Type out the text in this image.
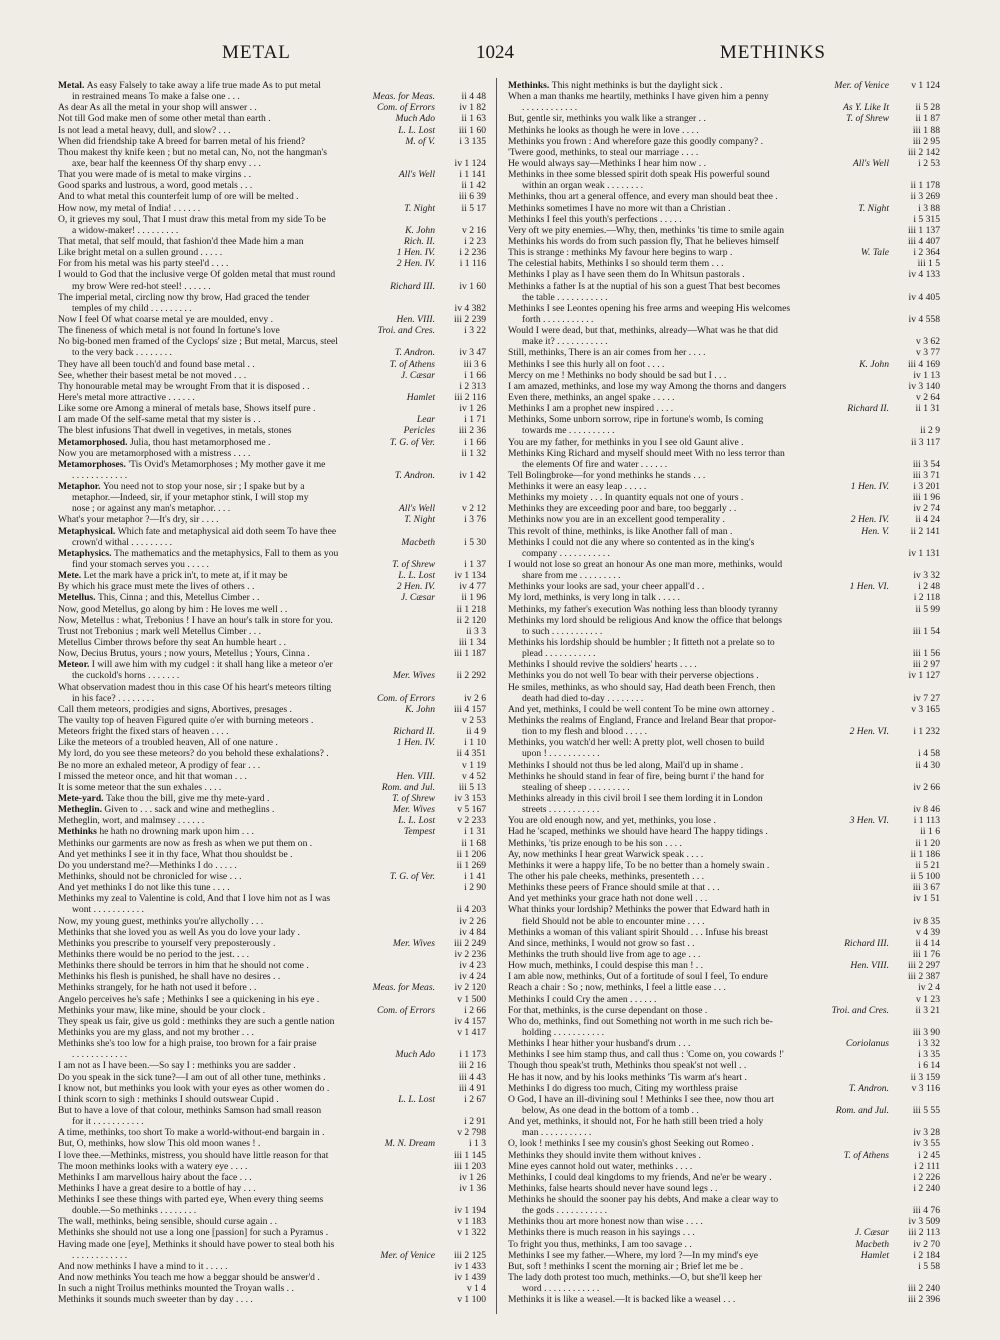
METAL	1024	METHINKS
Metal. As easy Falsely to take away a life true made As to put metal
in restrained means To make a false one . . .	Meas. for Meas.	ii 4 48
As dear As all the metal in your shop will answer . .	Com. of Errors	iv 1 82
Not till God make men of some other metal than earth .	Much Ado	ii 1 63
Is not lead a metal heavy, dull, and slow? . . .	L. L. Lost	iii 1 60
When did friendship take A breed for barren metal of his friend?	M. of V.	i 3 135
Thou makest thy knife keen ; but no metal can, No, not the hangman's
axe, bear half the keenness Of thy sharp envy . . .	iv 1 124
That you were made of is metal to make virgins . .	All's Well	i 1 141
Good sparks and lustrous, a word, good metals . . .	ii 1 42
And to what metal this counterfeit lump of ore will be melted .	iii 6 39
How now, my metal of India! . . . . . .	T. Night	ii 5 17
O, it grieves my soul, That I must draw this metal from my side To be
a widow-maker! . . . . . . . . .	K. John	v 2 16
That metal, that self mould, that fashion'd thee Made him a man	Rich. II.	i 2 23
Like bright metal on a sullen ground . . . . .	1 Hen. IV.	i 2 236
For from his metal was his party steel'd . . . .	2 Hen. IV.	i 1 116
I would to God that the inclusive verge Of golden metal that must round
my brow Were red-hot steel! . . . . . .	Richard III.	iv 1 60
The imperial metal, circling now thy brow, Had graced the tender
temples of my child . . . . . . . . .	iv 4 382
Now I feel Of what coarse metal ye are moulded, envy .	Hen. VIII.	iii 2 239
The fineness of which metal is not found In fortune's love	Troi. and Cres.	i 3 22
No big-boned men framed of the Cyclops' size ; But metal, Marcus, steel
to the very back . . . . . . . .	T. Andron.	iv 3 47
They have all been touch'd and found base metal . .	T. of Athens	iii 3 6
See, whether their basest metal be not moved . . .	J. Cæsar	i 1 66
Thy honourable metal may be wrought From that it is disposed . .	i 2 313
Here's metal more attractive . . . . . .	Hamlet	iii 2 116
Like some ore Among a mineral of metals base, Shows itself pure .	iv 1 26
I am made Of the self-same metal that my sister is . .	Lear	i 1 71
The blest infusions That dwell in vegetives, in metals, stones	Pericles	iii 2 36
Metamorphosed. Julia, thou hast metamorphosed me .	T. G. of Ver.	i 1 66
Now you are metamorphosed with a mistress . . . .	ii 1 32
Metamorphoses. 'Tis Ovid's Metamorphoses ; My mother gave it me
. . . . . . . . . . . .	T. Andron.	iv 1 42
Metaphor. You need not to stop your nose, sir ; I spake but by a
metaphor.—Indeed, sir, if your metaphor stink, I will stop my
nose ; or against any man's metaphor. . . .	All's Well	v 2 12
What's your metaphor ?—It's dry, sir . . . .	T. Night	i 3 76
Metaphysical. Which fate and metaphysical aid doth seem To have thee
crown'd withal . . . . . . . . .	Macbeth	i 5 30
Metaphysics. The mathematics and the metaphysics, Fall to them as you
find your stomach serves you . . . . .	T. of Shrew	i 1 37
Mete. Let the mark have a prick in't, to mete at, if it may be	L. L. Lost	iv 1 134
By which his grace must mete the lives of others . .	2 Hen. IV.	iv 4 77
Metellus. This, Cinna ; and this, Metellus Cimber . .	J. Cæsar	ii 1 96
Now, good Metellus, go along by him : He loves me well . .	ii 1 218
Now, Metellus : what, Trebonius ! I have an hour's talk in store for you.	ii 2 120
Trust not Trebonius ; mark well Metellus Cimber . . .	ii 3 3
Metellus Cimber throws before thy seat An humble heart . .	iii 1 34
Now, Decius Brutus, yours ; now yours, Metellus ; Yours, Cinna .	iii 1 187
Meteor. I will awe him with my cudgel : it shall hang like a meteor o'er
the cuckold's horns . . . . . . .	Mer. Wives	ii 2 292
What observation madest thou in this case Of his heart's meteors tilting
in his face? . . . . . . . .	Com. of Errors	iv 2 6
Call them meteors, prodigies and signs, Abortives, presages .	K. John	iii 4 157
The vaulty top of heaven Figured quite o'er with burning meteors .	v 2 53
Meteors fright the fixed stars of heaven . . . .	Richard II.	ii 4 9
Like the meteors of a troubled heaven, All of one nature .	1 Hen. IV.	i 1 10
My lord, do you see these meteors? do you behold these exhalations? .	ii 4 351
Be no more an exhaled meteor, A prodigy of fear . . .	v 1 19
I missed the meteor once, and hit that woman . . .	Hen. VIII.	v 4 52
It is some meteor that the sun exhales . . . .	Rom. and Jul.	iii 5 13
Mete-yard. Take thou the bill, give me thy mete-yard .	T. of Shrew	iv 3 153
Metheglin. Given to . . . sack and wine and metheglins .	Mer. Wives	v 5 167
Metheglin, wort, and malmsey . . . . . .	L. L. Lost	v 2 233
Methinks he hath no drowning mark upon him . . .	Tempest	i 1 31
Methinks our garments are now as fresh as when we put them on .	ii 1 68
And yet methinks I see it in thy face, What thou shouldst be .	ii 1 206
Do you understand me?—Methinks I do . . . . .	ii 1 269
Methinks, should not be chronicled for wise . . .	T. G. of Ver.	i 1 41
And yet methinks I do not like this tune . . . .	i 2 90
Methinks my zeal to Valentine is cold, And that I love him not as I was
wont . . . . . . . . . . .	ii 4 203
Now, my young guest, methinks you're allycholly . . .	iv 2 26
Methinks that she loved you as well As you do love your lady .	iv 4 84
Methinks you prescribe to yourself very preposterously .	Mer. Wives	iii 2 249
Methinks there would be no period to the jest. . . .	iv 2 236
Methinks there should be terrors in him that he should not come .	iv 4 23
Methinks his flesh is punished, he shall have no desires . .	iv 4 24
Methinks strangely, for he hath not used it before . .	Meas. for Meas.	iv 2 120
Angelo perceives he's safe ; Methinks I see a quickening in his eye .	v 1 500
Methinks your maw, like mine, should be your clock .	Com. of Errors	i 2 66
They speak us fair, give us gold : methinks they are such a gentle nation	iv 4 157
Methinks you are my glass, and not my brother . . .	v 1 417
Methinks she's too low for a high praise, too brown for a fair praise
. . . . . . . . . . . .	Much Ado	i 1 173
I am not as I have been.—So say I : methinks you are sadder .	iii 2 16
Do you speak in the sick tune?—I am out of all other tune, methinks .	iii 4 43
I know not, but methinks you look with your eyes as other women do .	iii 4 91
I think scorn to sigh : methinks I should outswear Cupid .	L. L. Lost	i 2 67
But to have a love of that colour, methinks Samson had small reason
for it . . . . . . . . . . .	i 2 91
A time, methinks, too short To make a world-without-end bargain in .	v 2 798
But, O, methinks, how slow This old moon wanes ! .	M. N. Dream	i 1 3
I love thee.—Methinks, mistress, you should have little reason for that	iii 1 145
The moon methinks looks with a watery eye . . . .	iii 1 203
Methinks I am marvellous hairy about the face . . .	iv 1 26
Methinks I have a great desire to a bottle of hay . . .	iv 1 36
Methinks I see these things with parted eye, When every thing seems
double.—So methinks . . . . . . . .	iv 1 194
The wall, methinks, being sensible, should curse again . .	v 1 183
Methinks she should not use a long one [passion] for such a Pyramus .	v 1 322
Having made one [eye], Methinks it should have power to steal both his
. . . . . . . . . . . .	Mer. of Venice	iii 2 125
And now methinks I have a mind to it . . . . .	iv 1 433
And now methinks You teach me how a beggar should be answer'd .	iv 1 439
In such a night Troilus methinks mounted the Troyan walls . .	v 1 4
Methinks it sounds much sweeter than by day . . . .	v 1 100
Methinks. This night methinks is but the daylight sick .	Mer. of Venice	v 1 124
When a man thanks me heartily, methinks I have given him a penny
. . . . . . . . . . . .	As Y. Like It	ii 5 28
But, gentle sir, methinks you walk like a stranger . .	T. of Shrew	ii 1 87
Methinks he looks as though he were in love . . . .	iii 1 88
Methinks you frown : And wherefore gaze this goodly company? .	iii 2 95
'Twere good, methinks, to steal our marriage . . . .	iii 2 142
He would always say—Methinks I hear him now . .	All's Well	i 2 53
Methinks in thee some blessed spirit doth speak His powerful sound
within an organ weak . . . . . . . .	ii 1 178
Methinks, thou art a general offence, and every man should beat thee .	ii 3 269
Methinks sometimes I have no more wit than a Christian .	T. Night	i 3 88
Methinks I feel this youth's perfections . . . . .	i 5 315
Very oft we pity enemies.—Why, then, methinks 'tis time to smile again	iii 1 137
Methinks his words do from such passion fly, That he believes himself	iii 4 407
This is strange : methinks My favour here begins to warp .	W. Tale	i 2 364
The celestial habits, Methinks I so should term them . . .	iii 1 5
Methinks I play as I have seen them do In Whitsun pastorals .	iv 4 133
Methinks a father Is at the nuptial of his son a guest That best becomes
the table . . . . . . . . . . .	iv 4 405
Methinks I see Leontes opening his free arms and weeping His welcomes
forth . . . . . . . . . . .	iv 4 558
Would I were dead, but that, methinks, already—What was he that did
make it? . . . . . . . . . . .	v 3 62
Still, methinks, There is an air comes from her . . . .	v 3 77
Methinks I see this hurly all on foot . . . .	K. John	iii 4 169
Mercy on me ! Methinks no body should be sad but I . . .	iv 1 13
I am amazed, methinks, and lose my way Among the thorns and dangers	iv 3 140
Even there, methinks, an angel spake . . . . .	v 2 64
Methinks I am a prophet new inspired . . . .	Richard II.	ii 1 31
Methinks, Some unborn sorrow, ripe in fortune's womb, Is coming
towards me . . . . . . . . . .	ii 2 9
You are my father, for methinks in you I see old Gaunt alive .	ii 3 117
Methinks King Richard and myself should meet With no less terror than
the elements Of fire and water . . . . . .	iii 3 54
Tell Bolingbroke—for yond methinks he stands . . .	iii 3 71
Methinks it were an easy leap . . . . .	1 Hen. IV.	i 3 201
Methinks my moiety . . . In quantity equals not one of yours .	iii 1 96
Methinks they are exceeding poor and bare, too beggarly . .	iv 2 74
Methinks now you are in an excellent good temperality .	2 Hen. IV.	ii 4 24
This revolt of thine, methinks, is like Another fall of man .	Hen. V.	ii 2 141
Methinks I could not die any where so contented as in the king's
company . . . . . . . . . . .	iv 1 131
I would not lose so great an honour As one man more, methinks, would
share from me . . . . . . . . .	iv 3 32
Methinks your looks are sad, your cheer appall'd . .	1 Hen. VI.	i 2 48
My lord, methinks, is very long in talk . . . . .	i 2 118
Methinks, my father's execution Was nothing less than bloody tyranny	ii 5 99
Methinks my lord should be religious And know the office that belongs
to such . . . . . . . . . . .	iii 1 54
Methinks his lordship should be humbler ; It fitteth not a prelate so to
plead . . . . . . . . . . .	iii 1 56
Methinks I should revive the soldiers' hearts . . . .	iii 2 97
Methinks you do not well To bear with their perverse objections .	iv 1 127
He smiles, methinks, as who should say, Had death been French, then
death had died to-day . . . . . . . .	iv 7 27
And yet, methinks, I could be well content To be mine own attorney .	v 3 165
Methinks the realms of England, France and Ireland Bear that propor-
tion to my flesh and blood . . . . .	2 Hen. VI.	i 1 232
Methinks, you watch'd her well: A pretty plot, well chosen to build
upon ! . . . . . . . . . . .	i 4 58
Methinks I should not thus be led along, Mail'd up in shame .	ii 4 30
Methinks he should stand in fear of fire, being burnt i' the hand for
stealing of sheep . . . . . . . . .	iv 2 66
Methinks already in this civil broil I see them lording it in London
streets . . . . . . . . . . .	iv 8 46
You are old enough now, and yet, methinks, you lose .	3 Hen. VI.	i 1 113
Had he 'scaped, methinks we should have heard The happy tidings .	ii 1 6
Methinks, 'tis prize enough to be his son . . . .	ii 1 20
Ay, now methinks I hear great Warwick speak . . . .	ii 1 186
Methinks it were a happy life, To be no better than a homely swain .	ii 5 21
The other his pale cheeks, methinks, presenteth . . .	ii 5 100
Methinks these peers of France should smile at that . . .	iii 3 67
And yet methinks your grace hath not done well . . .	iv 1 51
What thinks your lordship? Methinks the power that Edward hath in
field Should not be able to encounter mine . . . .	iv 8 35
Methinks a woman of this valiant spirit Should . . . Infuse his breast	v 4 39
And since, methinks, I would not grow so fast . .	Richard III.	ii 4 14
Methinks the truth should live from age to age . . .	iii 1 76
How much, methinks, I could despise this man ! . .	Hen. VIII.	iii 2 297
I am able now, methinks, Out of a fortitude of soul I feel, To endure	iii 2 387
Reach a chair : So ; now, methinks, I feel a little ease . . .	iv 2 4
Methinks I could Cry the amen . . . . . .	v 1 23
For that, methinks, is the curse dependant on those .	Troi. and Cres.	ii 3 21
Who do, methinks, find out Something not worth in me such rich be-
holding . . . . . . . . . . .	iii 3 90
Methinks I hear hither your husband's drum . . .	Coriolanus	i 3 32
Methinks I see him stamp thus, and call thus : 'Come on, you cowards !'	i 3 35
Though thou speak'st truth, Methinks thou speak'st not well . .	i 6 14
He has it now, and by his looks methinks 'Tis warm at's heart .	ii 3 159
Methinks I do digress too much, Citing my worthless praise	T. Andron.	v 3 116
O God, I have an ill-divining soul ! Methinks I see thee, now thou art
below, As one dead in the bottom of a tomb . .	Rom. and Jul.	iii 5 55
And yet, methinks, it should not, For he hath still been tried a holy
man . . . . . . . . . . .	iv 3 28
O, look ! methinks I see my cousin's ghost Seeking out Romeo .	iv 3 55
Methinks they should invite them without knives .	T. of Athens	i 2 45
Mine eyes cannot hold out water, methinks . . . .	i 2 111
Methinks, I could deal kingdoms to my friends, And ne'er be weary .	i 2 226
Methinks, false hearts should never have sound legs . .	i 2 240
Methinks he should the sooner pay his debts, And make a clear way to
the gods . . . . . . . . . . .	iii 4 76
Methinks thou art more honest now than wise . . . .	iv 3 509
Methinks there is much reason in his sayings . . .	J. Cæsar	iii 2 113
To fright you thus, methinks, I am too savage . .	Macbeth	iv 2 70
Methinks I see my father.—Where, my lord ?—In my mind's eye	Hamlet	i 2 184
But, soft ! methinks I scent the morning air ; Brief let me be .	i 5 58
The lady doth protest too much, methinks.—O, but she'll keep her
word . . . . . . . . . . . .	iii 2 240
Methinks it is like a weasel.—It is backed like a weasel . . .	iii 2 396
